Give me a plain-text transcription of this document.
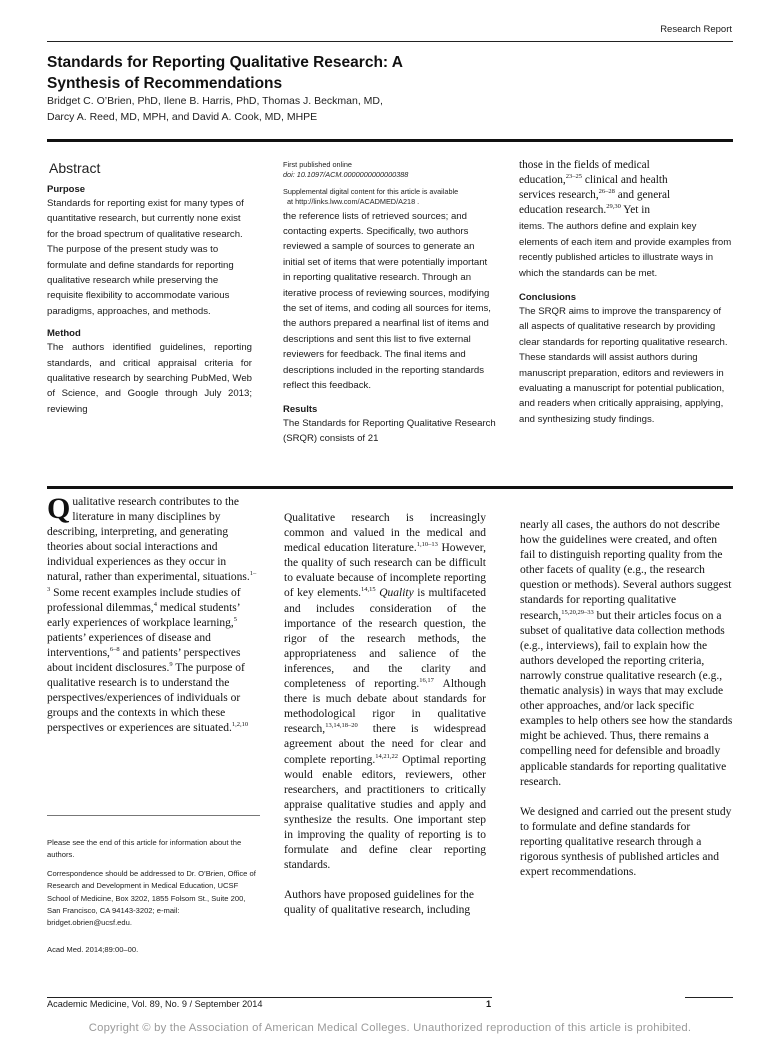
Research Report
Standards for Reporting Qualitative Research: A
Synthesis of Recommendations
Bridget C. O’Brien, PhD, Ilene B. Harris, PhD, Thomas J. Beckman, MD,
Darcy A. Reed, MD, MPH, and David A. Cook, MD, MHPE
Abstract
Purpose

Standards for reporting exist for many types of quantitative research, but currently none exist for the broad spectrum of qualitative research. The purpose of the present study was to formulate and define standards for reporting qualitative research while preserving the requisite flexibility to accommodate various paradigms, approaches, and methods.

Method

The authors identified guidelines, reporting standards, and critical appraisal criteria for qualitative research by searching PubMed, Web of Science, and Google through July 2013; reviewing

First published online
doi: 10.1097/ACM.0000000000000388
Supplemental digital content for this article is available
at http://links.lww.com/ACADMED/A218 .

the reference lists of retrieved sources; and contacting experts. Specifically, two authors reviewed a sample of sources to generate an initial set of items that were potentially important in reporting qualitative research. Through an iterative process of reviewing sources, modifying the set of items, and coding all sources for items, the authors prepared a nearfinal list of items and descriptions and sent this list to five external reviewers for feedback. The final items and descriptions included in the reporting standards reflect this feedback.

Results

The Standards for Reporting Qualitative Research (SRQR) consists of 21

those in the fields of medical education,$^{23-25}$ clinical and health services research,$^{26-28}$ and general education research.$^{29,30}$ Yet in

items. The authors define and explain key elements of each item and provide examples from recently published articles to illustrate ways in which the standards can be met.

Conclusions

The SRQR aims to improve the transparency of all aspects of qualitative research by providing clear standards for reporting qualitative research. These standards will assist authors during manuscript preparation, editors and reviewers in evaluating a manuscript for potential publication, and readers when critically appraising, applying, and synthesizing study findings.

Qualitative research contributes to the literature in many disciplines by describing, interpreting, and generating theories about social interactions and individual experiences as they occur in natural, rather than experimental, situations.$^{1-3}$ Some recent examples include studies of professional dilemmas,$^4$ medical students’ early experiences of workplace learning,$^5$ patients’ experiences of disease and interventions,$^{6-8}$ and patients’ perspectives about incident disclosures.$^9$ The purpose of qualitative research is to understand the perspectives/experiences of individuals or groups and the contexts in which these perspectives or experiences are situated.$^{1,2,10}$

Please see the end of this article for information about the authors.

Correspondence should be addressed to Dr. O’Brien, Office of Research and Development in Medical Education, UCSF School of Medicine, Box 3202, 1855 Folsom St., Suite 200, San Francisco, CA 94143-3202; e-mail: bridget.obrien@ucsf.edu.

Acad Med. 2014;89:00–00.

Qualitative research is increasingly common and valued in the medical and medical education literature.$^{1,10-13}$ However, the quality of such research can be difficult to evaluate because of incomplete reporting of key elements.$^{14,15}$ Quality is multifaceted and includes consideration of the importance of the research question, the rigor of the research methods, the appropriateness and salience of the inferences, and the clarity and completeness of reporting.$^{16,17}$ Although there is much debate about standards for methodological rigor in qualitative research,$^{13,14,18-20}$ there is widespread agreement about the need for clear and complete reporting.$^{14,21,22}$ Optimal reporting would enable editors, reviewers, other researchers, and practitioners to critically appraise qualitative studies and apply and synthesize the results. One important step in improving the quality of reporting is to formulate and define clear reporting standards.

Authors have proposed guidelines for the quality of qualitative research, including

nearly all cases, the authors do not describe how the guidelines were created, and often fail to distinguish reporting quality from the other facets of quality (e.g., the research question or methods). Several authors suggest standards for reporting qualitative research,$^{15,20,29-33}$ but their articles focus on a subset of qualitative data collection methods (e.g., interviews), fail to explain how the authors developed the reporting criteria, narrowly construe qualitative research (e.g., thematic analysis) in ways that may exclude other approaches, and/or lack specific examples to help others see how the standards might be achieved. Thus, there remains a compelling need for defensible and broadly applicable standards for reporting qualitative research.

We designed and carried out the present study to formulate and define standards for reporting qualitative research through a rigorous synthesis of published articles and expert recommendations.

Academic Medicine, Vol. 89, No. 9 / September 2014	1
Copyright © by the Association of American Medical Colleges. Unauthorized reproduction of this article is prohibited.
